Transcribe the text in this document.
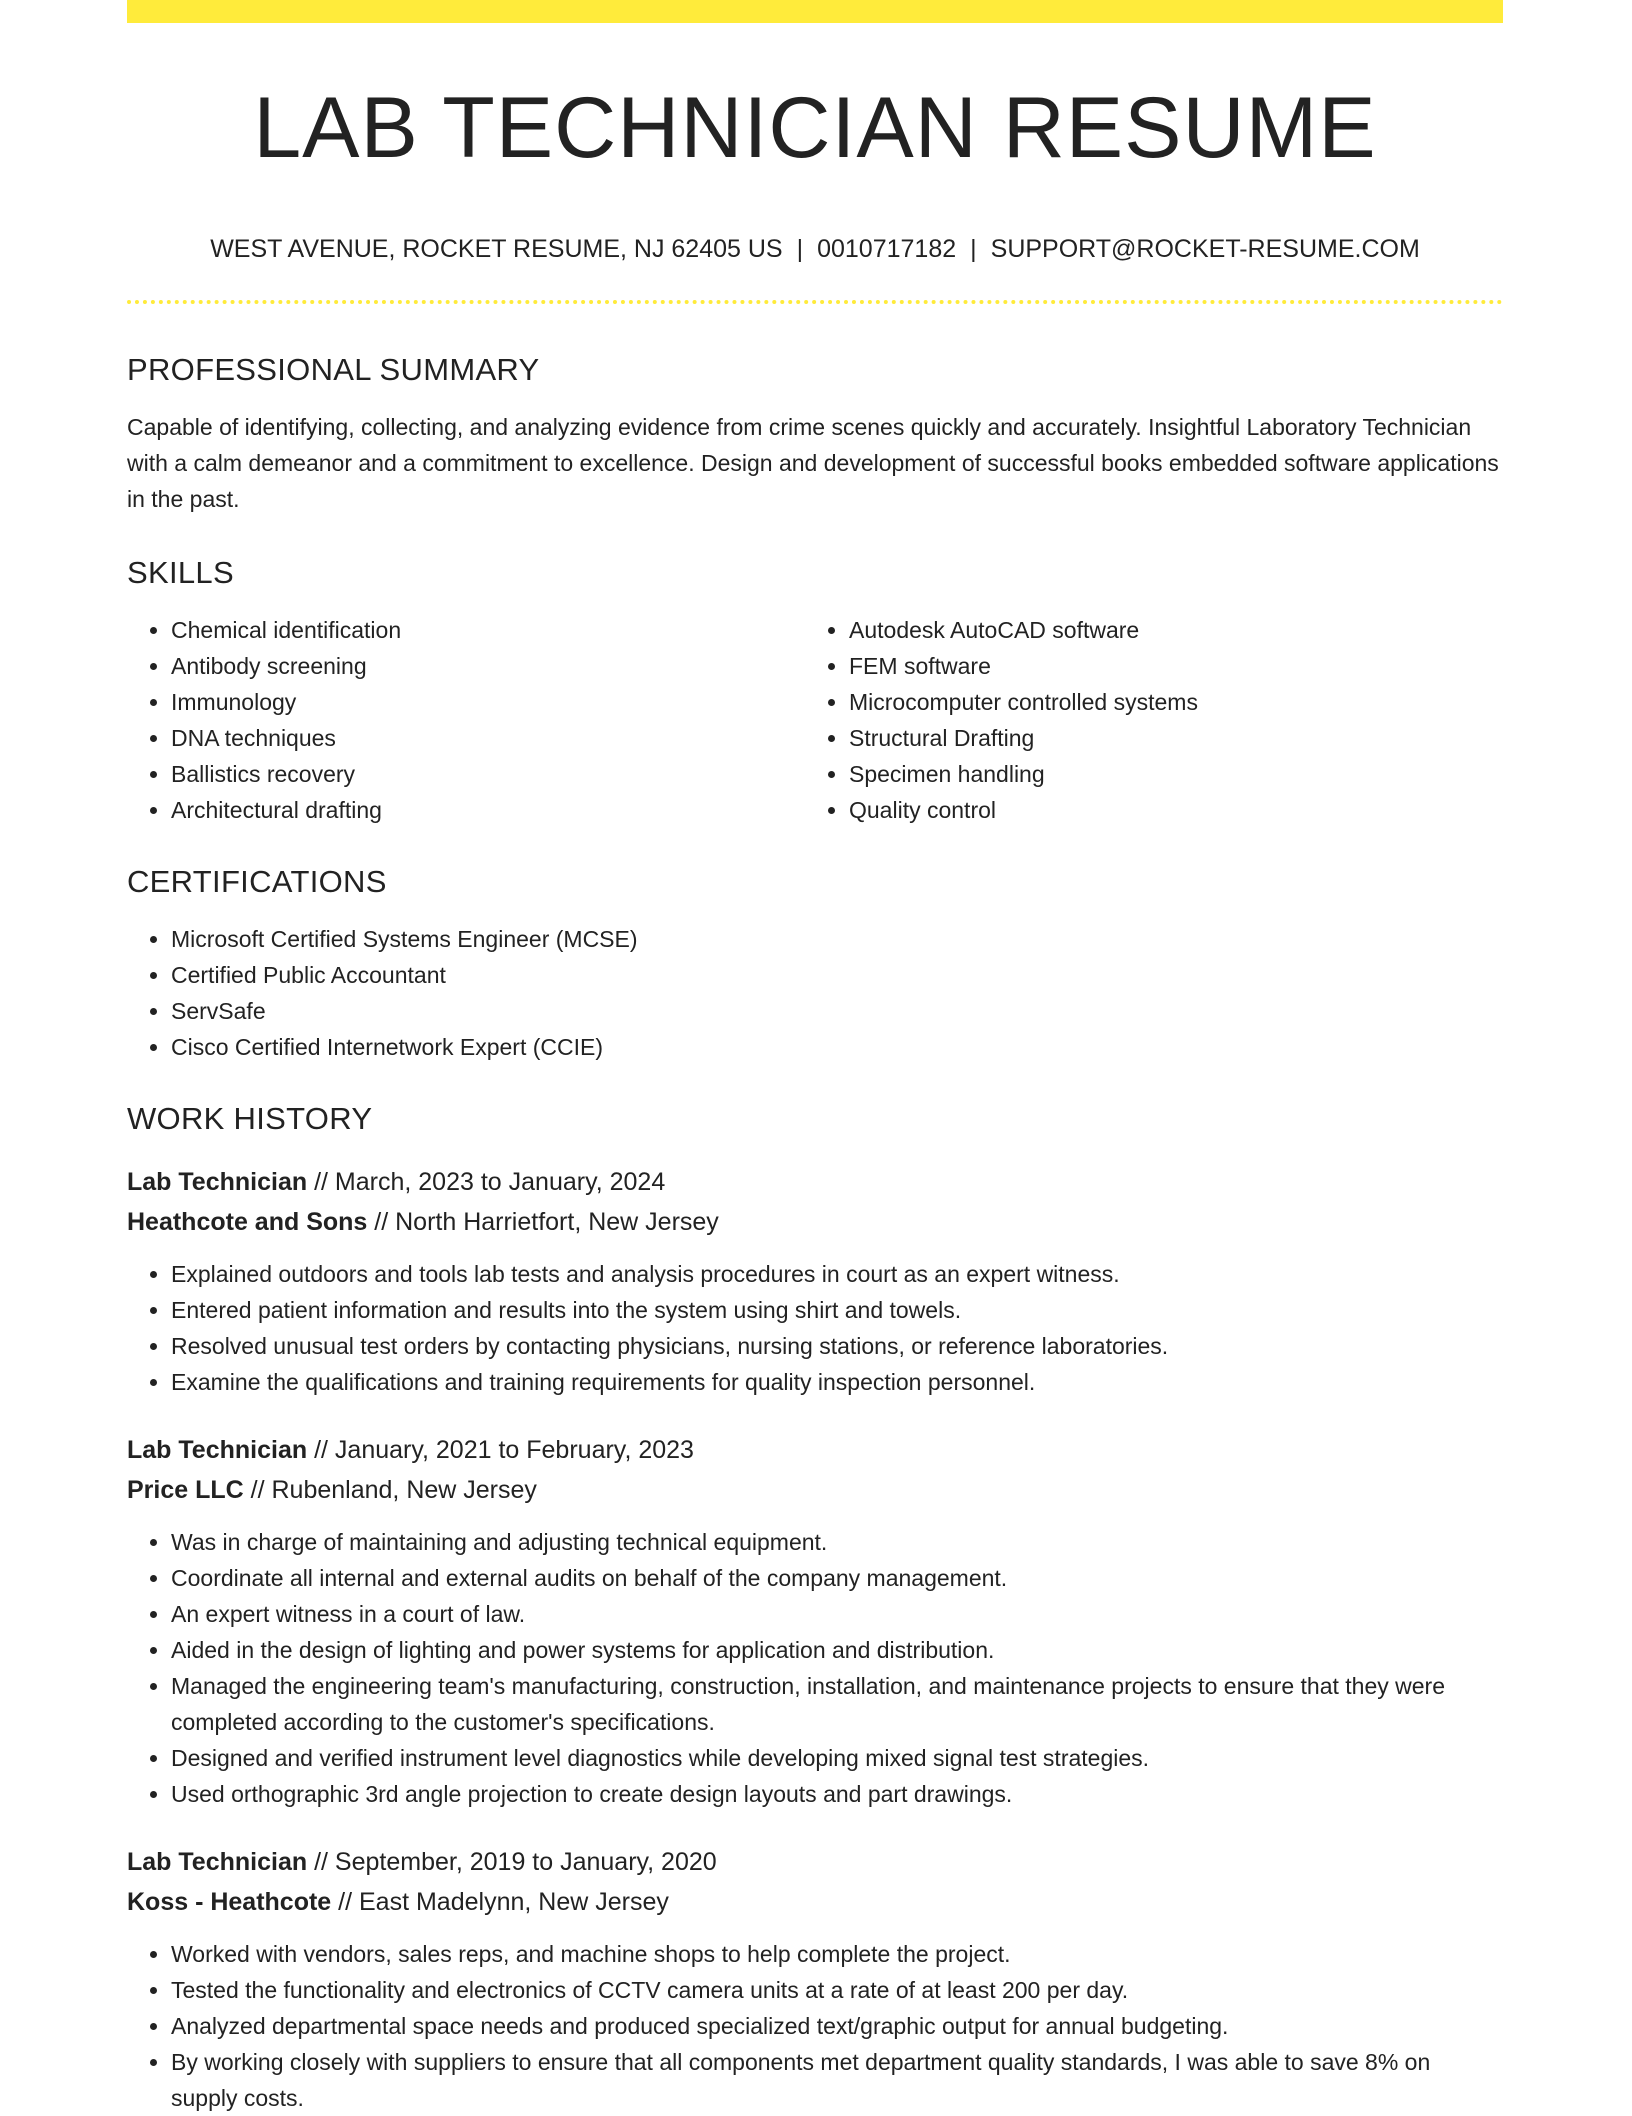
LAB TECHNICIAN RESUME
WEST AVENUE, ROCKET RESUME, NJ 62405 US | 0010717182 | SUPPORT@ROCKET-RESUME.COM
PROFESSIONAL SUMMARY

Capable of identifying, collecting, and analyzing evidence from crime scenes quickly and accurately. Insightful Laboratory Technician with a calm demeanor and a commitment to excellence. Design and development of successful books embedded software applications in the past.

SKILLS
• Chemical identification
• Antibody screening
• Immunology
• DNA techniques
• Ballistics recovery
• Architectural drafting
• Autodesk AutoCAD software
• FEM software
• Microcomputer controlled systems
• Structural Drafting
• Specimen handling
• Quality control
CERTIFICATIONS
• Microsoft Certified Systems Engineer (MCSE)
• Certified Public Accountant
• ServSafe
• Cisco Certified Internetwork Expert (CCIE)
WORK HISTORY
Lab Technician // March, 2023 to January, 2024
Heathcote and Sons // North Harrietfort, New Jersey
• Explained outdoors and tools lab tests and analysis procedures in court as an expert witness.
• Entered patient information and results into the system using shirt and towels.
• Resolved unusual test orders by contacting physicians, nursing stations, or reference laboratories.
• Examine the qualifications and training requirements for quality inspection personnel.
Lab Technician // January, 2021 to February, 2023
Price LLC // Rubenland, New Jersey
• Was in charge of maintaining and adjusting technical equipment.
• Coordinate all internal and external audits on behalf of the company management.
• An expert witness in a court of law.
• Aided in the design of lighting and power systems for application and distribution.
• Managed the engineering team's manufacturing, construction, installation, and maintenance projects to ensure that they were completed according to the customer's specifications.
• Designed and verified instrument level diagnostics while developing mixed signal test strategies.
• Used orthographic 3rd angle projection to create design layouts and part drawings.
Lab Technician // September, 2019 to January, 2020
Koss - Heathcote // East Madelynn, New Jersey
• Worked with vendors, sales reps, and machine shops to help complete the project.
• Tested the functionality and electronics of CCTV camera units at a rate of at least 200 per day.
• Analyzed departmental space needs and produced specialized text/graphic output for annual budgeting.
• By working closely with suppliers to ensure that all components met department quality standards, I was able to save 8% on supply costs.
